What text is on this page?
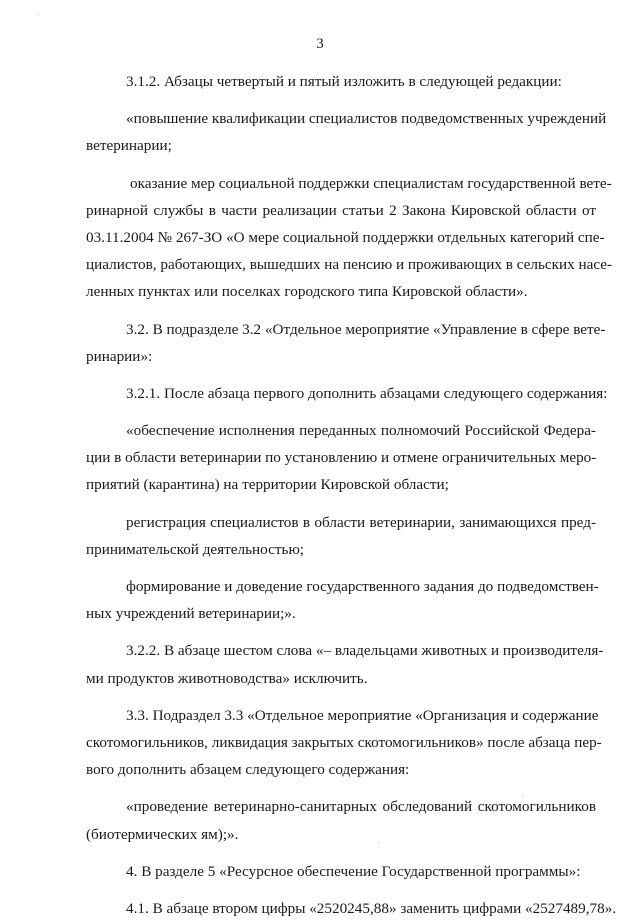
3
3.1.2. Абзацы четвертый и пятый изложить в следующей редакции:
«повышение квалификации специалистов подведомственных учреждений
ветеринарии;
оказание мер социальной поддержки специалистам государственной вете-
ринарной службы в части реализации статьи 2 Закона Кировской области от
03.11.2004 № 267-ЗО «О мере социальной поддержки отдельных категорий спе-
циалистов, работающих, вышедших на пенсию и проживающих в сельских насе-
ленных пунктах или поселках городского типа Кировской области».
3.2. В подразделе 3.2 «Отдельное мероприятие «Управление в сфере вете-
ринарии»:
3.2.1. После абзаца первого дополнить абзацами следующего содержания:
«обеспечение исполнения переданных полномочий Российской Федера-
ции в области ветеринарии по установлению и отмене ограничительных меро-
приятий (карантина) на территории Кировской области;
регистрация специалистов в области ветеринарии, занимающихся пред-
принимательской деятельностью;
формирование и доведение государственного задания до подведомствен-
ных учреждений ветеринарии;».
3.2.2. В абзаце шестом слова «– владельцами животных и производителя-
ми продуктов животноводства» исключить.
3.3. Подраздел 3.3 «Отдельное мероприятие «Организация и содержание
скотомогильников, ликвидация закрытых скотомогильников» после абзаца пер-
вого дополнить абзацем следующего содержания:
«проведение ветеринарно-санитарных обследований скотомогильников
(биотермических ям);».
4. В разделе 5 «Ресурсное обеспечение Государственной программы»:
4.1. В абзаце втором цифры «2520245,88» заменить цифрами «2527489,78».
